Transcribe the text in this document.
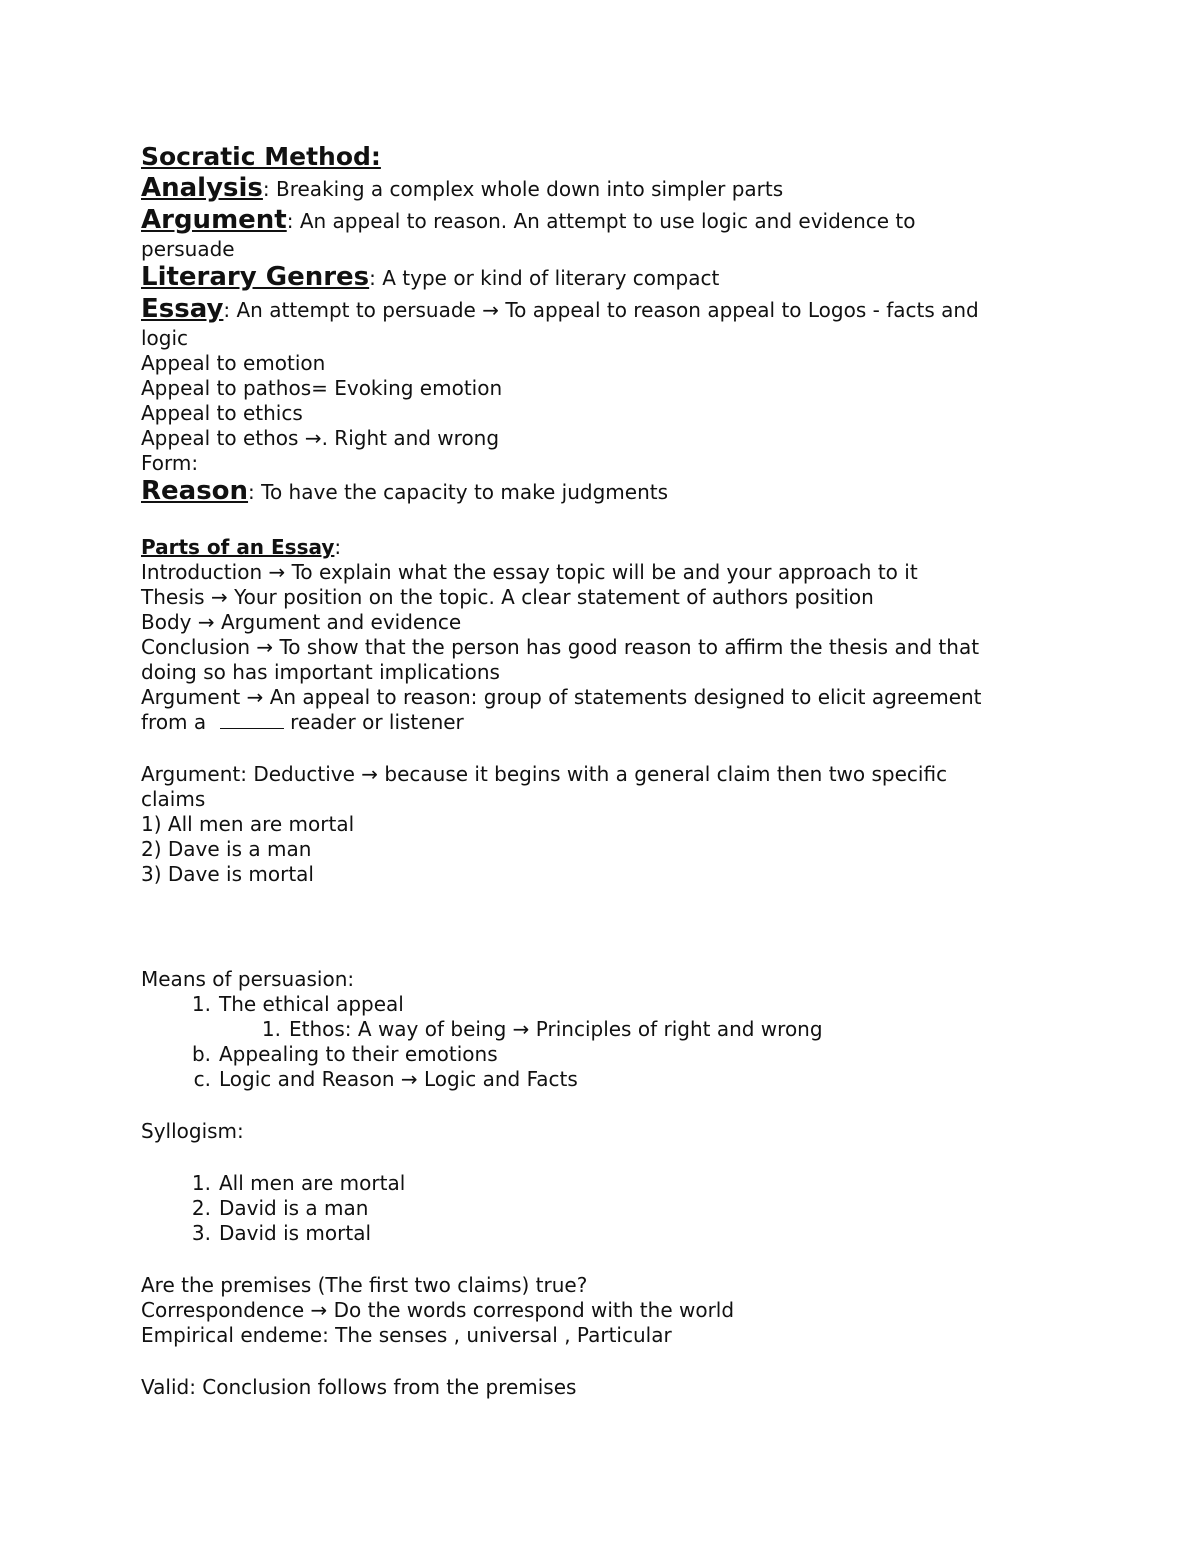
Socratic Method:

Analysis: Breaking a complex whole down into simpler parts

Argument: An appeal to reason. An attempt to use logic and evidence to

persuade

Literary Genres: A type or kind of literary compact

Essay: An attempt to persuade → To appeal to reason appeal to Logos - facts and

logic

Appeal to emotion

Appeal to pathos= Evoking emotion

Appeal to ethics

Appeal to ethos →. Right and wrong

Form:

Reason: To have the capacity to make judgments

Parts of an Essay:

Introduction → To explain what the essay topic will be and your approach to it

Thesis → Your position on the topic. A clear statement of authors position

Body → Argument and evidence

Conclusion → To show that the person has good reason to affirm the thesis and that

doing so has important implications

Argument → An appeal to reason: group of statements designed to elicit agreement

from a	reader or listener

Argument: Deductive → because it begins with a general claim then two specific

claims

1) All men are mortal

2) Dave is a man

3) Dave is mortal

Means of persuasion:

1. The ethical appeal

1. Ethos: A way of being → Principles of right and wrong

b. Appealing to their emotions

c. Logic and Reason → Logic and Facts

Syllogism:

1. All men are mortal

2. David is a man

3. David is mortal

Are the premises (The first two claims) true?

Correspondence → Do the words correspond with the world

Empirical endeme: The senses , universal , Particular

Valid: Conclusion follows from the premises
